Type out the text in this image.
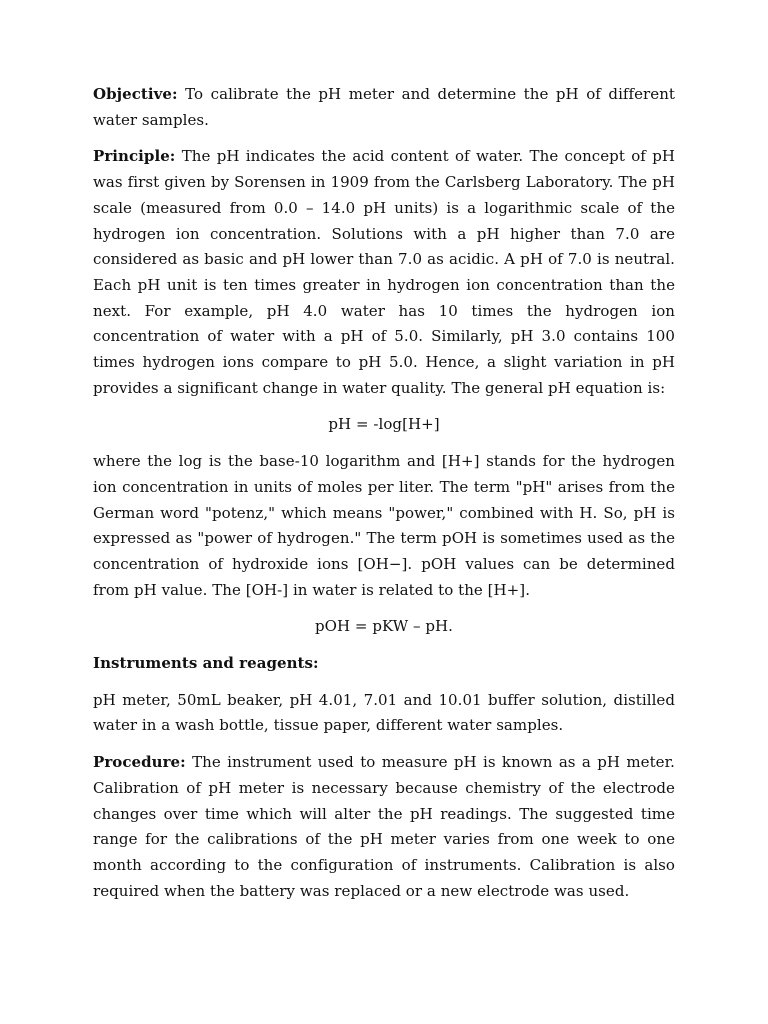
Objective: To calibrate the pH meter and determine the pH of different water samples.

Principle: The pH indicates the acid content of water. The concept of pH was first given by Sorensen in 1909 from the Carlsberg Laboratory. The pH scale (measured from 0.0 – 14.0 pH units) is a logarithmic scale of the hydrogen ion concentration. Solutions with a pH higher than 7.0 are considered as basic and pH lower than 7.0 as acidic. A pH of 7.0 is neutral. Each pH unit is ten times greater in hydrogen ion concentration than the next. For example, pH 4.0 water has 10 times the hydrogen ion concentration of water with a pH of 5.0. Similarly, pH 3.0 contains 100 times hydrogen ions compare to pH 5.0. Hence, a slight variation in pH provides a significant change in water quality. The general pH equation is:

pH = -log[H+]

where the log is the base-10 logarithm and [H+] stands for the hydrogen ion concentration in units of moles per liter. The term "pH" arises from the German word "potenz," which means "power," combined with H. So, pH is expressed as "power of hydrogen." The term pOH is sometimes used as the concentration of hydroxide ions [OH−]. pOH values can be determined from pH value. The [OH-] in water is related to the [H+].

pOH = pKW – pH.
Instruments and reagents:

pH meter, 50mL beaker, pH 4.01, 7.01 and 10.01 buffer solution, distilled water in a wash bottle, tissue paper, different water samples.

Procedure: The instrument used to measure pH is known as a pH meter. Calibration of pH meter is necessary because chemistry of the electrode changes over time which will alter the pH readings. The suggested time range for the calibrations of the pH meter varies from one week to one month according to the configuration of instruments. Calibration is also required when the battery was replaced or a new electrode was used.
